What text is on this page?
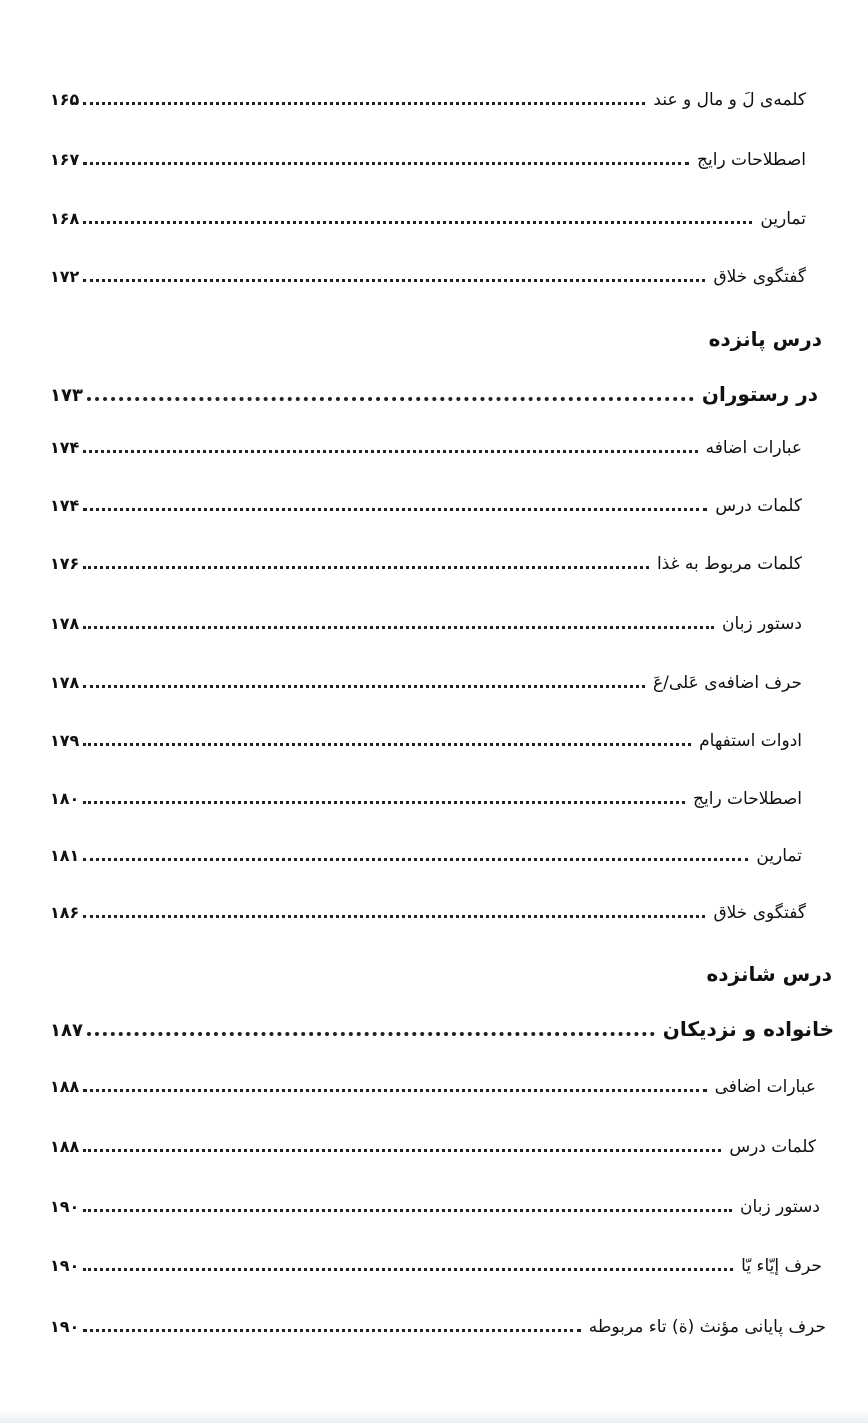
کلمه‌ی لَ و مال و عند
۱۶۵
اصطلاحات رایج
۱۶۷
تمارین
۱۶۸
گفتگوی خلاق
۱۷۲
درس پانزده
در رستوران
۱۷۳
عبارات اضافه
۱۷۴
کلمات درس
۱۷۴
کلمات مربوط به غذا
۱۷۶
دستور زبان
۱۷۸
حرف اضافه‌ی عَلی/عَ
۱۷۸
ادوات استفهام
۱۷۹
اصطلاحات رایج
۱۸۰
تمارین
۱۸۱
گفتگوی خلاق
۱۸۶
درس شانزده
خانواده و نزدیکان
۱۸۷
عبارات اضافی
۱۸۸
کلمات درس
۱۸۸
دستور زبان
۱۹۰
حرف إيّاء یّا
۱۹۰
حرف پایانی مؤنث (ة) تاء مربوطه
۱۹۰
